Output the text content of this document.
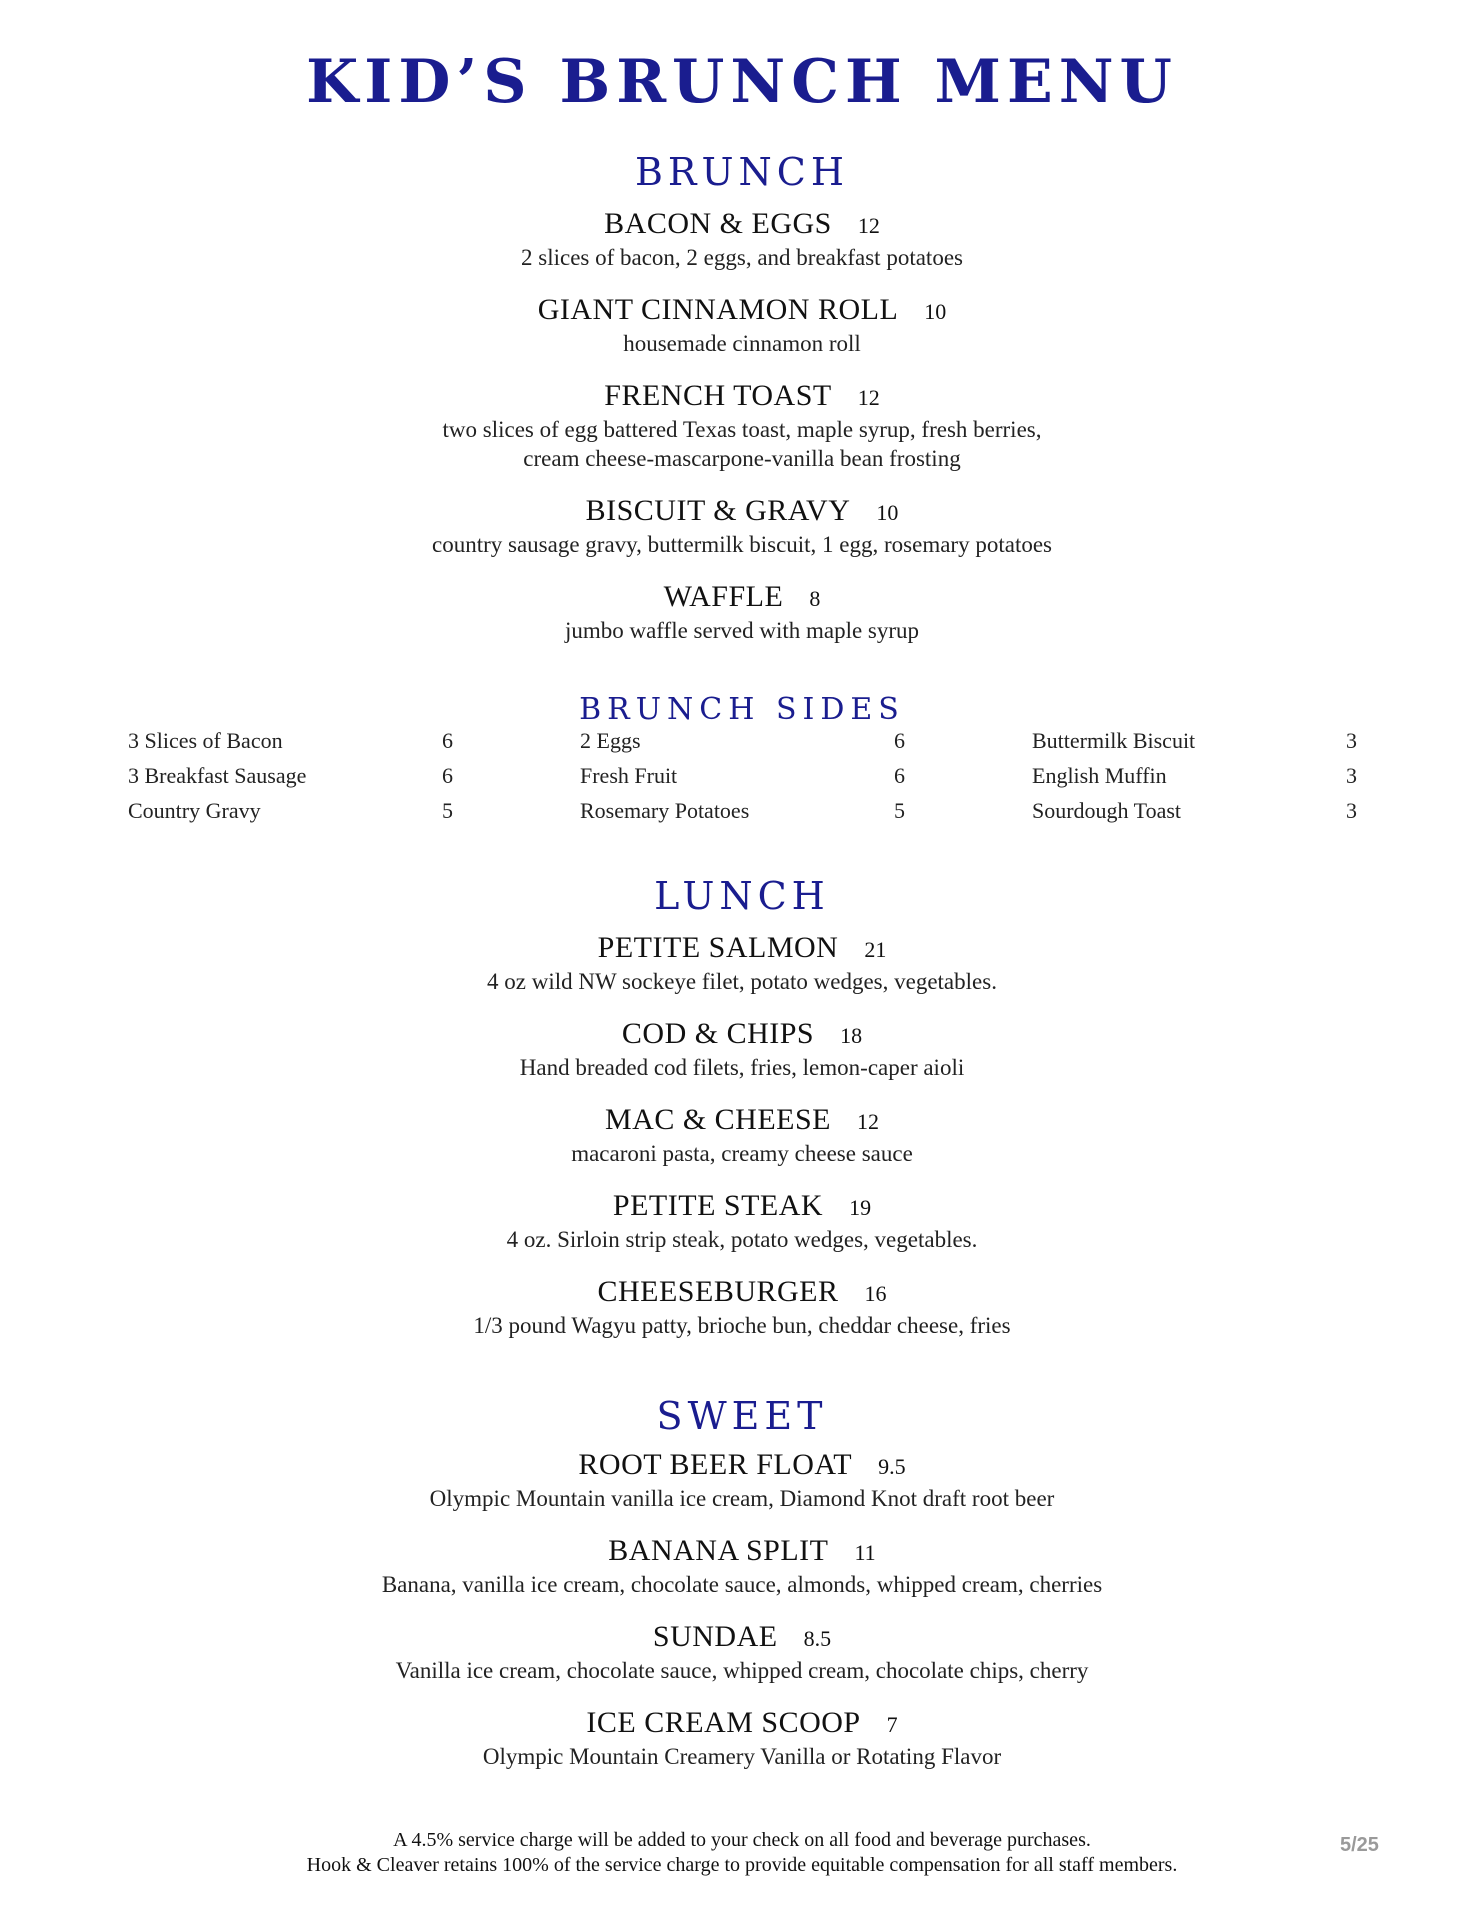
KID’S BRUNCH MENU
BRUNCH
BACON & EGGS 12
2 slices of bacon, 2 eggs, and breakfast potatoes
GIANT CINNAMON ROLL 10
housemade cinnamon roll
FRENCH TOAST 12
two slices of egg battered Texas toast, maple syrup, fresh berries,
cream cheese-mascarpone-vanilla bean frosting
BISCUIT & GRAVY 10
country sausage gravy, buttermilk biscuit, 1 egg, rosemary potatoes
WAFFLE 8
jumbo waffle served with maple syrup
BRUNCH SIDES
3 Slices of Bacon	6
3 Breakfast Sausage	6
Country Gravy	5
2 Eggs	6
Fresh Fruit	6
Rosemary Potatoes	5
Buttermilk Biscuit	3
English Muffin	3
Sourdough Toast	3
LUNCH
PETITE SALMON 21
4 oz wild NW sockeye filet, potato wedges, vegetables.
COD & CHIPS 18
Hand breaded cod filets, fries, lemon-caper aioli
MAC & CHEESE 12
macaroni pasta, creamy cheese sauce
PETITE STEAK 19
4 oz. Sirloin strip steak, potato wedges, vegetables.
CHEESEBURGER 16
1/3 pound Wagyu patty, brioche bun, cheddar cheese, fries
SWEET
ROOT BEER FLOAT 9.5
Olympic Mountain vanilla ice cream, Diamond Knot draft root beer
BANANA SPLIT 11
Banana, vanilla ice cream, chocolate sauce, almonds, whipped cream, cherries
SUNDAE 8.5
Vanilla ice cream, chocolate sauce, whipped cream, chocolate chips, cherry
ICE CREAM SCOOP 7
Olympic Mountain Creamery Vanilla or Rotating Flavor
A 4.5% service charge will be added to your check on all food and beverage purchases.
Hook & Cleaver retains 100% of the service charge to provide equitable compensation for all staff members.
5/25
